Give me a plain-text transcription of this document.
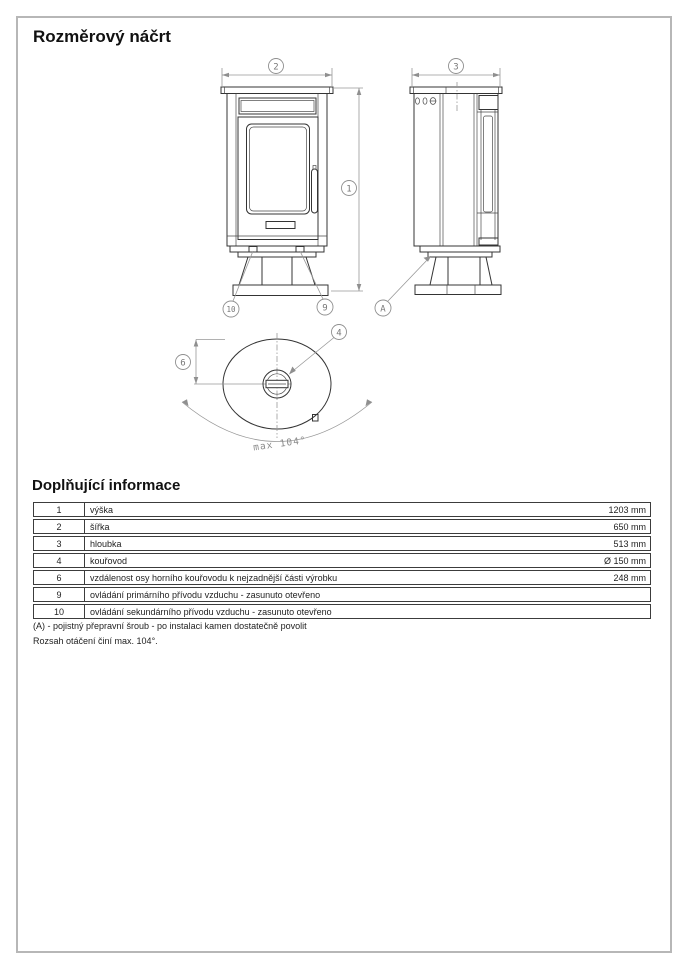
Rozměrový náčrt
2
1
10	9
3
A
6
4
max 104°
Doplňující informace
1	výška	1203 mm
2	šířka	650 mm
3	hloubka	513 mm
4	kouřovod	Ø 150 mm
6	vzdálenost osy horního kouřovodu k nejzadnější části výrobku	248 mm
9	ovládání primárního přívodu vzduchu - zasunuto otevřeno
10	ovládání sekundárního přívodu vzduchu - zasunuto otevřeno
(A) - pojistný přepravní šroub - po instalaci kamen dostatečně povolit
Rozsah otáčení činí max. 104°.
